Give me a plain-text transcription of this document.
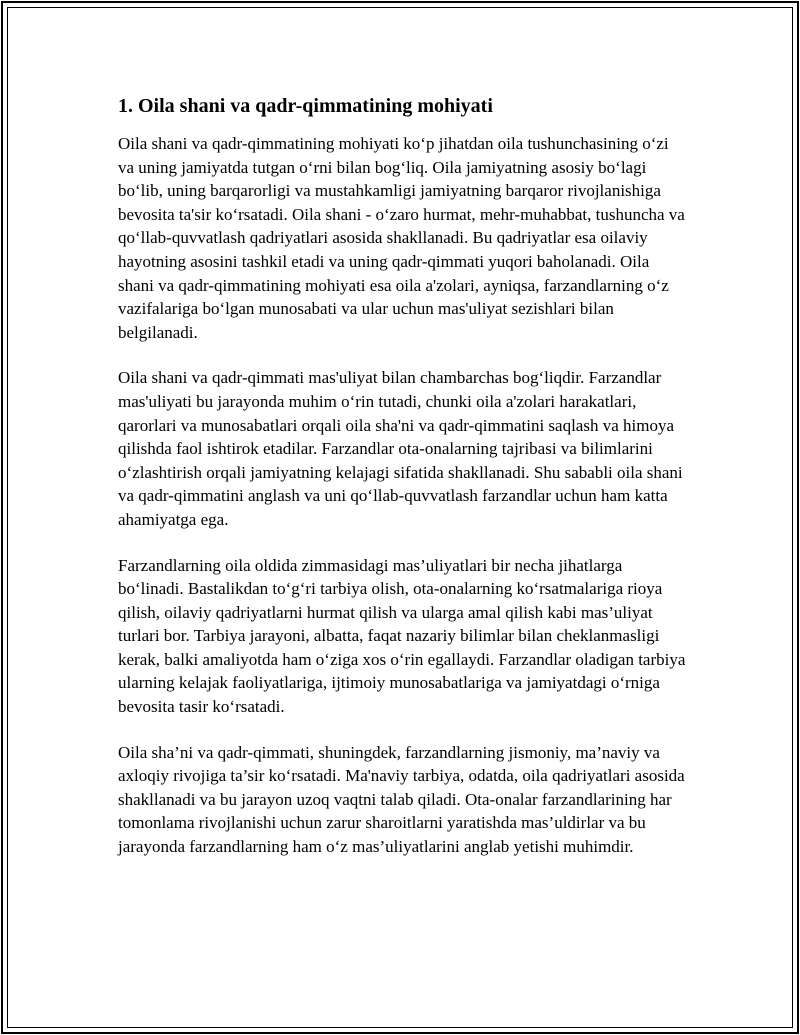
1. Oila shani va qadr-qimmatining mohiyati

Oila shani va qadr-qimmatining mohiyati ko‘p jihatdan oila tushunchasining o‘zi va uning jamiyatda tutgan o‘rni bilan bog‘liq. Oila jamiyatning asosiy bo‘lagi bo‘lib, uning barqarorligi va mustahkamligi jamiyatning barqaror rivojlanishiga bevosita ta'sir ko‘rsatadi. Oila shani - o‘zaro hurmat, mehr-muhabbat, tushuncha va qo‘llab-quvvatlash qadriyatlari asosida shakllanadi. Bu qadriyatlar esa oilaviy hayotning asosini tashkil etadi va uning qadr-qimmati yuqori baholanadi. Oila shani va qadr-qimmatining mohiyati esa oila a'zolari, ayniqsa, farzandlarning o‘z vazifalariga bo‘lgan munosabati va ular uchun mas'uliyat sezishlari bilan belgilanadi.

Oila shani va qadr-qimmati mas'uliyat bilan chambarchas bog‘liqdir. Farzandlar mas'uliyati bu jarayonda muhim o‘rin tutadi, chunki oila a'zolari harakatlari, qarorlari va munosabatlari orqali oila sha'ni va qadr-qimmatini saqlash va himoya qilishda faol ishtirok etadilar. Farzandlar ota-onalarning tajribasi va bilimlarini o‘zlashtirish orqali jamiyatning kelajagi sifatida shakllanadi. Shu sababli oila shani va qadr-qimmatini anglash va uni qo‘llab-quvvatlash farzandlar uchun ham katta ahamiyatga ega.

Farzandlarning oila oldida zimmasidagi mas’uliyatlari bir necha jihatlarga bo‘linadi. Bastalikdan to‘g‘ri tarbiya olish, ota-onalarning ko‘rsatmalariga rioya qilish, oilaviy qadriyatlarni hurmat qilish va ularga amal qilish kabi mas’uliyat turlari bor. Tarbiya jarayoni, albatta, faqat nazariy bilimlar bilan cheklanmasligi kerak, balki amaliyotda ham o‘ziga xos o‘rin egallaydi. Farzandlar oladigan tarbiya ularning kelajak faoliyatlariga, ijtimoiy munosabatlariga va jamiyatdagi o‘rniga bevosita tasir ko‘rsatadi.

Oila sha’ni va qadr-qimmati, shuningdek, farzandlarning jismoniy, ma’naviy va axloqiy rivojiga ta’sir ko‘rsatadi. Ma'naviy tarbiya, odatda, oila qadriyatlari asosida shakllanadi va bu jarayon uzoq vaqtni talab qiladi. Ota-onalar farzandlarining har tomonlama rivojlanishi uchun zarur sharoitlarni yaratishda mas’uldirlar va bu jarayonda farzandlarning ham o‘z mas’uliyatlarini anglab yetishi muhimdir.
